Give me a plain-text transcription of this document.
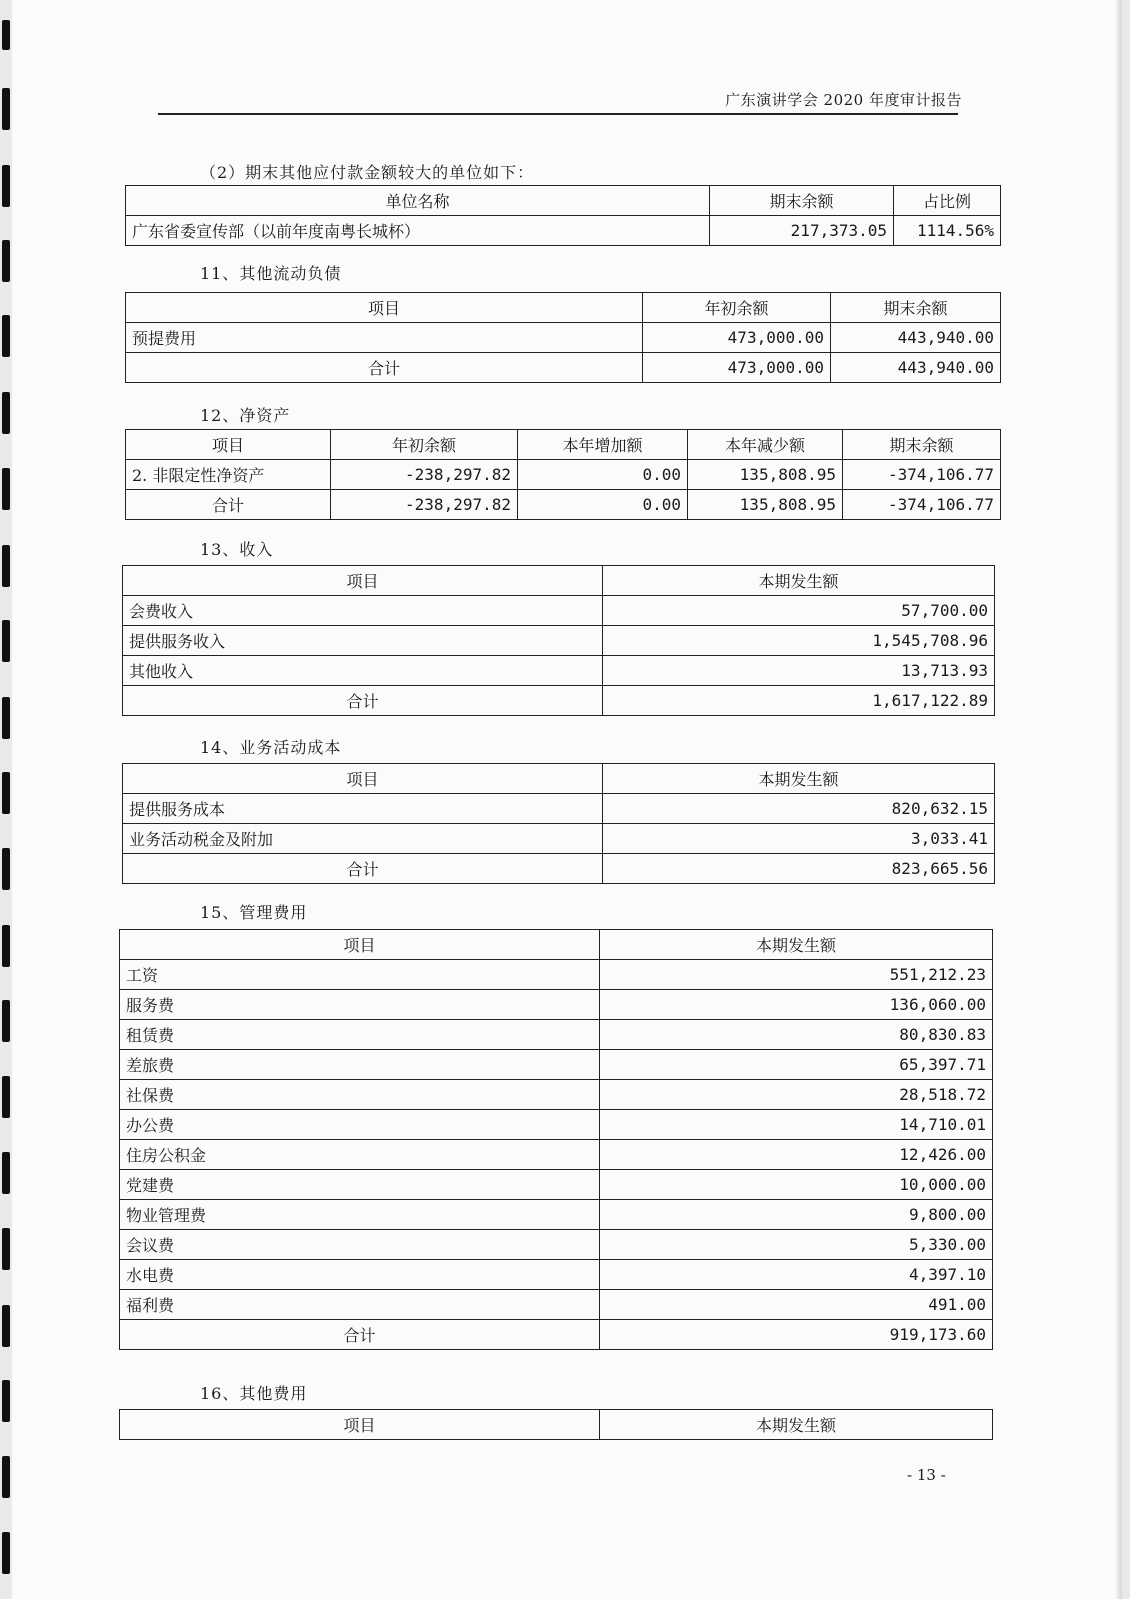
广东演讲学会 2020 年度审计报告
（2）期末其他应付款金额较大的单位如下：
单位名称	期末余额	占比例
广东省委宣传部（以前年度南粤长城杯）	217,373.05	1114.56%
11、其他流动负债
项目	年初余额	期末余额
预提费用	473,000.00	443,940.00
合计	473,000.00	443,940.00
12、净资产
项目	年初余额	本年增加额	本年减少额	期末余额
2. 非限定性净资产	-238,297.82	0.00	135,808.95	-374,106.77
合计	-238,297.82	0.00	135,808.95	-374,106.77
13、收入
项目	本期发生额
会费收入	57,700.00
提供服务收入	1,545,708.96
其他收入	13,713.93
合计	1,617,122.89
14、业务活动成本
项目	本期发生额
提供服务成本	820,632.15
业务活动税金及附加	3,033.41
合计	823,665.56
15、管理费用
项目	本期发生额
工资	551,212.23
服务费	136,060.00
租赁费	80,830.83
差旅费	65,397.71
社保费	28,518.72
办公费	14,710.01
住房公积金	12,426.00
党建费	10,000.00
物业管理费	9,800.00
会议费	5,330.00
水电费	4,397.10
福利费	491.00
合计	919,173.60
16、其他费用
项目	本期发生额
- 13 -
